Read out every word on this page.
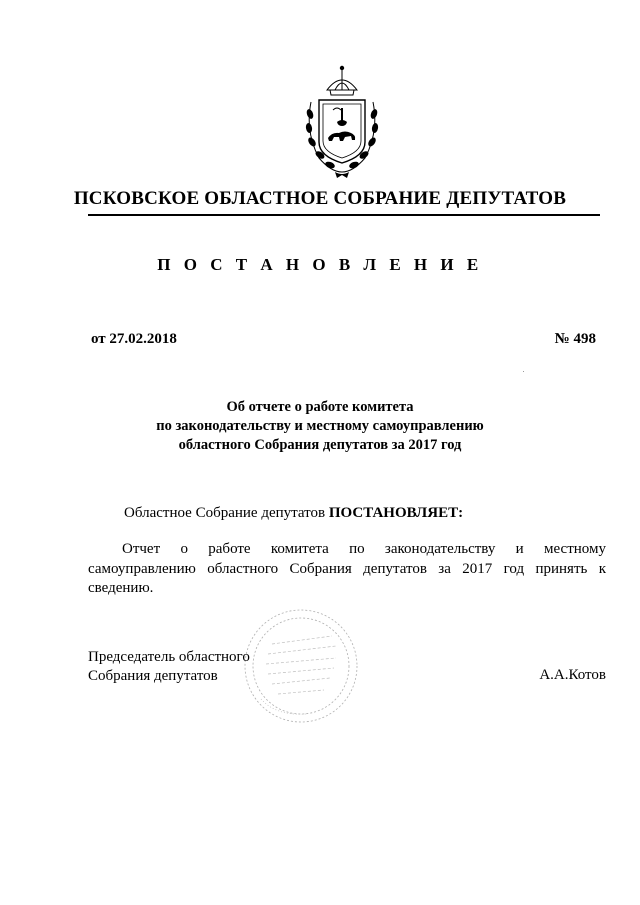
ПСКОВСКОЕ ОБЛАСТНОЕ СОБРАНИЕ ДЕПУТАТОВ
П О С Т А Н О В Л Е Н И Е
от 27.02.2018	№ 498
Об отчете о работе комитета
по законодательству и местному самоуправлению
областного Собрания депутатов за 2017 год
Областное Собрание депутатов ПОСТАНОВЛЯЕТ:
Отчет о работе комитета по законодательству и местному
самоуправлению областного Собрания депутатов за 2017 год принять к
сведению.
Председатель областного
Собрания депутатов	А.А.Котов
